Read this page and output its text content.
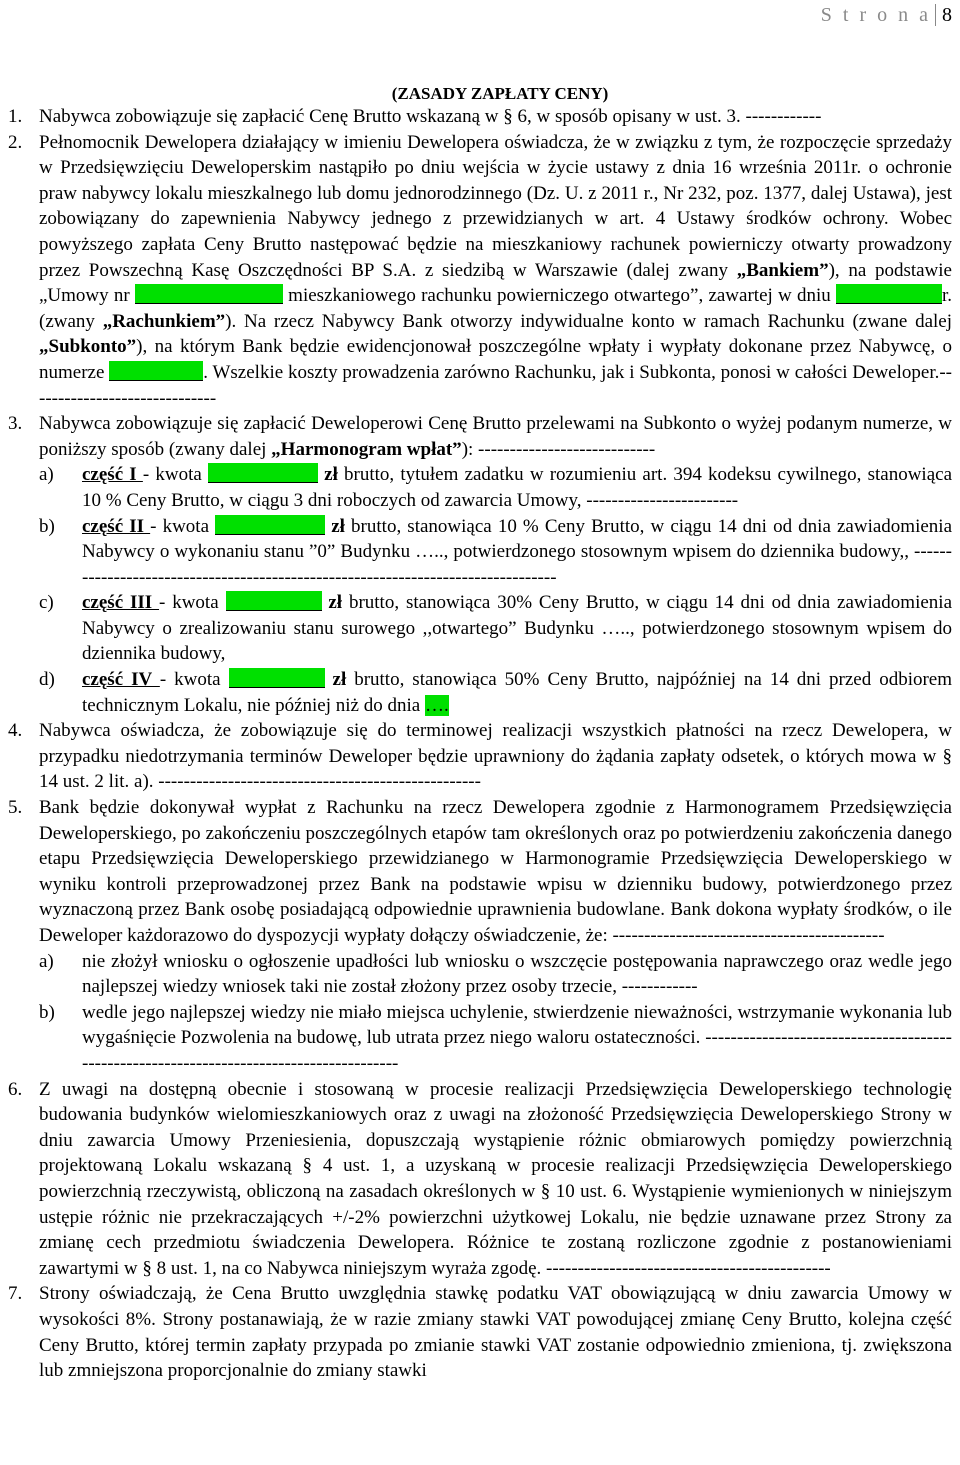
S t r o n a 8
(ZASADY ZAPŁATY CENY)
1. Nabywca zobowiązuje się zapłacić Cenę Brutto wskazaną w § 6, w sposób opisany w ust. 3. ------------
2. Pełnomocnik Dewelopera działający w imieniu Dewelopera oświadcza, że w związku z tym, że rozpoczęcie sprzedaży w Przedsięwzięciu Deweloperskim nastąpiło po dniu wejścia w życie ustawy z dnia 16 września 2011r. o ochronie praw nabywcy lokalu mieszkalnego lub domu jednorodzinnego (Dz. U. z 2011 r., Nr 232, poz. 1377, dalej Ustawa), jest zobowiązany do zapewnienia Nabywcy jednego z przewidzianych w art. 4 Ustawy środków ochrony. Wobec powyższego zapłata Ceny Brutto następować będzie na mieszkaniowy rachunek powierniczy otwarty prowadzony przez Powszechną Kasę Oszczędności BP S.A. z siedzibą w Warszawie (dalej zwany „Bankiem”), na podstawie „Umowy nr	mieszkaniowego rachunku powierniczego otwartego”, zawartej w dniu	r. (zwany „Rachunkiem”). Na rzecz Nabywcy Bank otworzy indywidualne konto w ramach Rachunku (zwane dalej „Subkonto”), na którym Bank będzie ewidencjonował poszczególne wpłaty i wypłaty dokonane przez Nabywcę, o numerze	. Wszelkie koszty prowadzenia zarówno Rachunku, jak i Subkonta, ponosi w całości Deweloper.------------------------------
3. Nabywca zobowiązuje się zapłacić Deweloperowi Cenę Brutto przelewami na Subkonto o wyżej podanym numerze, w poniższy sposób (zwany dalej „Harmonogram wpłat”): ----------------------------
a) część I - kwota	zł brutto, tytułem zadatku w rozumieniu art. 394 kodeksu cywilnego, stanowiąca 10 % Ceny Brutto, w ciągu 3 dni roboczych od zawarcia Umowy, ------------------------
b) część II - kwota	zł brutto, stanowiąca 10 % Ceny Brutto, w ciągu 14 dni od dnia zawiadomienia Nabywcy o wykonaniu stanu ”0” Budynku ….., potwierdzonego stosownym wpisem do dziennika budowy,, ---------------------------------------------------------------------------------
c) część III - kwota	zł brutto, stanowiąca 30% Ceny Brutto, w ciągu 14 dni od dnia zawiadomienia Nabywcy o zrealizowaniu stanu surowego ,,otwartego” Budynku ….., potwierdzonego stosownym wpisem do dziennika budowy,
d) część IV - kwota	zł brutto, stanowiąca 50% Ceny Brutto, najpóźniej na 14 dni przed odbiorem technicznym Lokalu, nie później niż do dnia ….
4. Nabywca oświadcza, że zobowiązuje się do terminowej realizacji wszystkich płatności na rzecz Dewelopera, w przypadku niedotrzymania terminów Deweloper będzie uprawniony do żądania zapłaty odsetek, o których mowa w § 14 ust. 2 lit. a). ---------------------------------------------------
5. Bank będzie dokonywał wypłat z Rachunku na rzecz Dewelopera zgodnie z Harmonogramem Przedsięwzięcia Deweloperskiego, po zakończeniu poszczególnych etapów tam określonych oraz po potwierdzeniu zakończenia danego etapu Przedsięwzięcia Deweloperskiego przewidzianego w Harmonogramie Przedsięwzięcia Deweloperskiego w wyniku kontroli przeprowadzonej przez Bank na podstawie wpisu w dzienniku budowy, potwierdzonego przez wyznaczoną przez Bank osobę posiadającą odpowiednie uprawnienia budowlane. Bank dokona wypłaty środków, o ile Deweloper każdorazowo do dyspozycji wypłaty dołączy oświadczenie, że: -------------------------------------------
a) nie złożył wniosku o ogłoszenie upadłości lub wniosku o wszczęcie postępowania naprawczego oraz wedle jego najlepszej wiedzy wniosek taki nie został złożony przez osoby trzecie, ------------
b) wedle jego najlepszej wiedzy nie miało miejsca uchylenie, stwierdzenie nieważności, wstrzymanie wykonania lub wygaśnięcie Pozwolenia na budowę, lub utrata przez niego waloru ostateczności. -----------------------------------------------------------------------------------------
6. Z uwagi na dostępną obecnie i stosowaną w procesie realizacji Przedsięwzięcia Deweloperskiego technologię budowania budynków wielomieszkaniowych oraz z uwagi na złożoność Przedsięwzięcia Deweloperskiego Strony w dniu zawarcia Umowy Przeniesienia, dopuszczają wystąpienie różnic obmiarowych pomiędzy powierzchnią projektowaną Lokalu wskazaną § 4 ust. 1, a uzyskaną w procesie realizacji Przedsięwzięcia Deweloperskiego powierzchnią rzeczywistą, obliczoną na zasadach określonych w § 10 ust. 6. Wystąpienie wymienionych w niniejszym ustępie różnic nie przekraczających +/-2% powierzchni użytkowej Lokalu, nie będzie uznawane przez Strony za zmianę cech przedmiotu świadczenia Dewelopera. Różnice te zostaną rozliczone zgodnie z postanowieniami zawartymi w § 8 ust. 1, na co Nabywca niniejszym wyraża zgodę. ---------------------------------------------
7. Strony oświadczają, że Cena Brutto uwzględnia stawkę podatku VAT obowiązującą w dniu zawarcia Umowy w wysokości 8%. Strony postanawiają, że w razie zmiany stawki VAT powodującej zmianę Ceny Brutto, kolejna część Ceny Brutto, której termin zapłaty przypada po zmianie stawki VAT zostanie odpowiednio zmieniona, tj. zwiększona lub zmniejszona proporcjonalnie do zmiany stawki
